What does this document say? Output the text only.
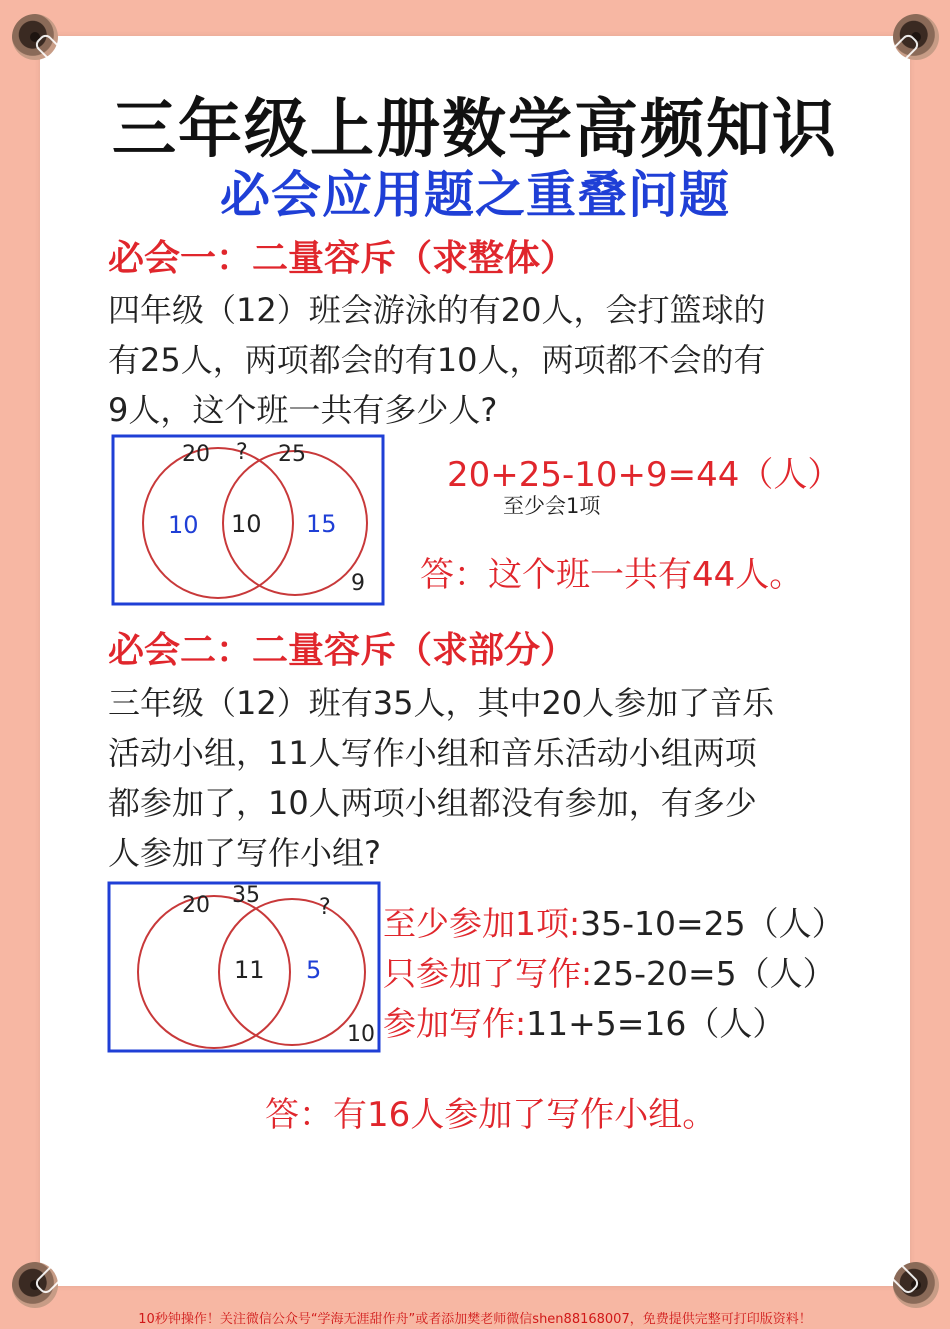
三年级上册数学高频知识
必会应用题之重叠问题
必会一：二量容斥（求整体）
四年级（12）班会游泳的有20人，会打篮球的
有25人，两项都会的有10人，两项都不会的有
9人，这个班一共有多少人?
20 ? 25
10 10 15
9
20+25-10+9=44（人）
至少会1项
答：这个班一共有44人。
必会二：二量容斥（求部分）
三年级（12）班有35人，其中20人参加了音乐
活动小组，11人写作小组和音乐活动小组两项
都参加了，10人两项小组都没有参加，有多少
人参加了写作小组?
20 35	?
11 5
10
至少参加1项:35-10=25（人）
只参加了写作:25-20=5（人）
参加写作:11+5=16（人）
答：有16人参加了写作小组。
10秒钟操作！关注微信公众号“学海无涯甜作舟”或者添加樊老师微信shen88168007，免费提供完整可打印版资料！
